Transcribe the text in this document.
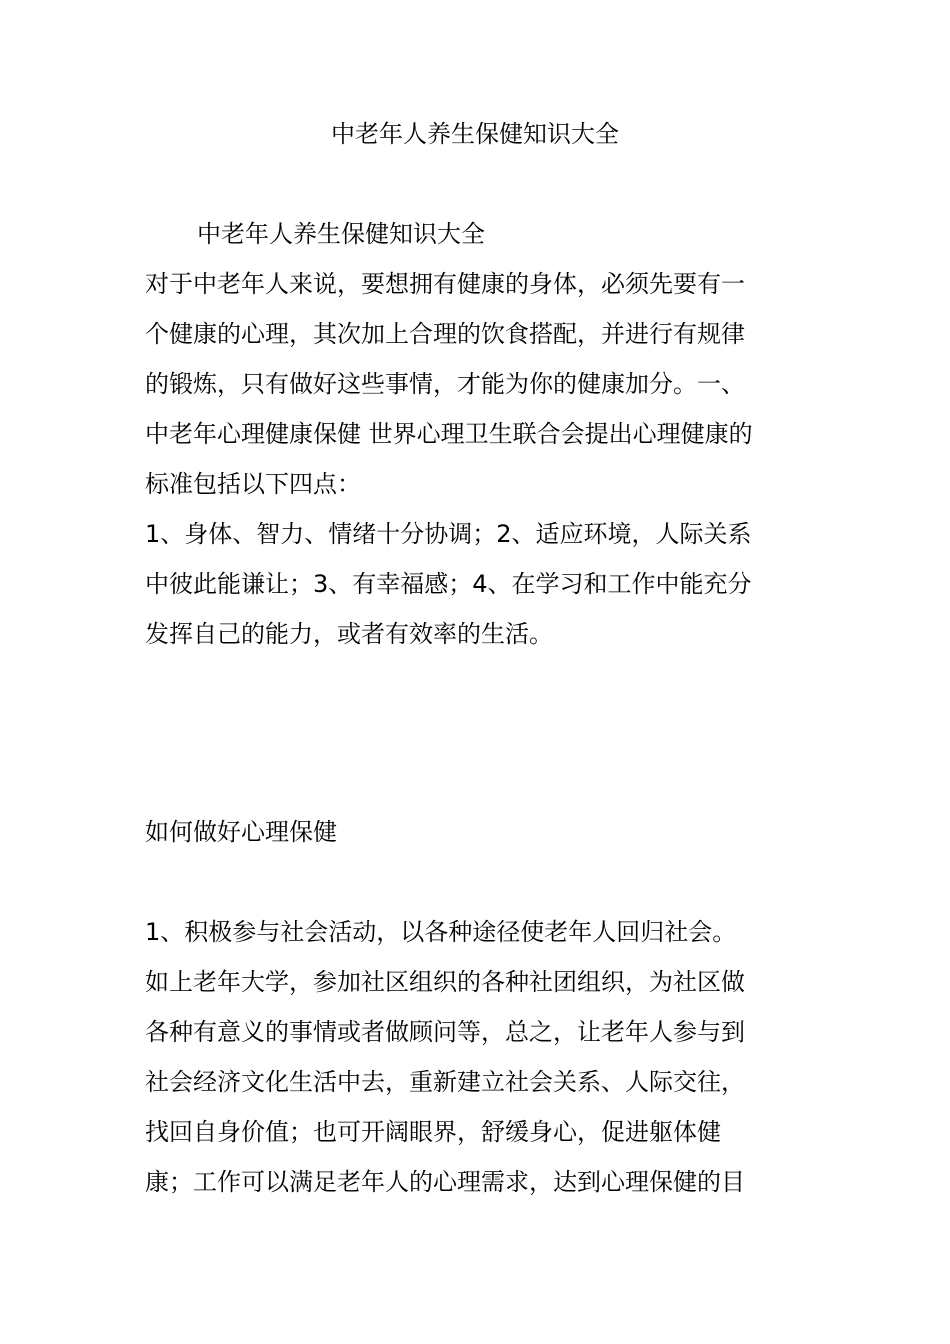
中老年人养生保健知识大全
中老年人养生保健知识大全
对于中老年人来说，要想拥有健康的身体，必须先要有一
个健康的心理，其次加上合理的饮食搭配，并进行有规律
的锻炼，只有做好这些事情，才能为你的健康加分。一、
中老年心理健康保健 世界心理卫生联合会提出心理健康的
标准包括以下四点：
1、身体、智力、情绪十分协调；2、适应环境，人际关系
中彼此能谦让；3、有幸福感；4、在学习和工作中能充分
发挥自己的能力，或者有效率的生活。
如何做好心理保健
1、积极参与社会活动，以各种途径使老年人回归社会。
如上老年大学，参加社区组织的各种社团组织，为社区做
各种有意义的事情或者做顾问等，总之，让老年人参与到
社会经济文化生活中去，重新建立社会关系、人际交往，
找回自身价值；也可开阔眼界，舒缓身心，促进躯体健
康；工作可以满足老年人的心理需求，达到心理保健的目
